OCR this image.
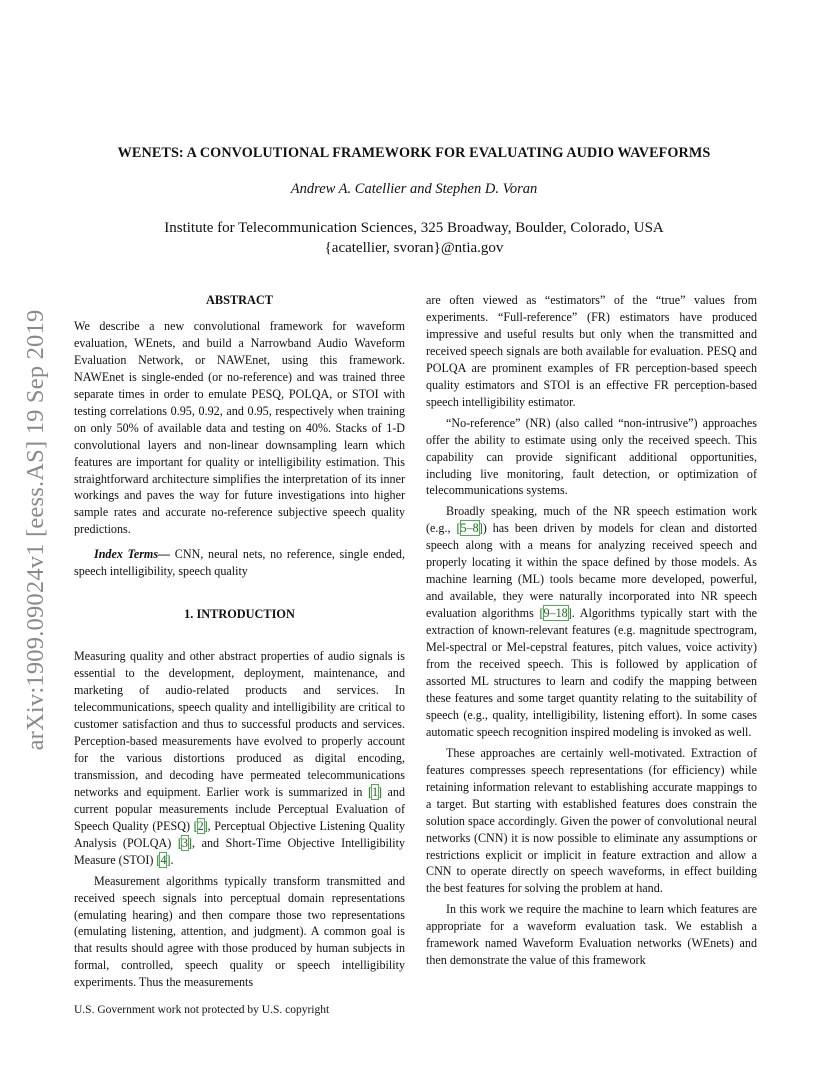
arXiv:1909.09024v1 [eess.AS] 19 Sep 2019
WENETS: A CONVOLUTIONAL FRAMEWORK FOR EVALUATING AUDIO WAVEFORMS
Andrew A. Catellier and Stephen D. Voran
Institute for Telecommunication Sciences, 325 Broadway, Boulder, Colorado, USA
{acatellier, svoran}@ntia.gov
ABSTRACT

We describe a new convolutional framework for waveform evaluation, WEnets, and build a Narrowband Audio Waveform Evaluation Network, or NAWEnet, using this framework. NAWEnet is single-ended (or no-reference) and was trained three separate times in order to emulate PESQ, POLQA, or STOI with testing correlations 0.95, 0.92, and 0.95, respectively when training on only 50% of available data and testing on 40%. Stacks of 1-D convolutional layers and non-linear downsampling learn which features are important for quality or intelligibility estimation. This straightforward architecture simplifies the interpretation of its inner workings and paves the way for future investigations into higher sample rates and accurate no-reference subjective speech quality predictions.

Index Terms— CNN, neural nets, no reference, single ended, speech intelligibility, speech quality

1. INTRODUCTION

Measuring quality and other abstract properties of audio signals is essential to the development, deployment, maintenance, and marketing of audio-related products and services. In telecommunications, speech quality and intelligibility are critical to customer satisfaction and thus to successful products and services. Perception-based measurements have evolved to properly account for the various distortions produced as digital encoding, transmission, and decoding have permeated telecommunications networks and equipment. Earlier work is summarized in [1] and current popular measurements include Perceptual Evaluation of Speech Quality (PESQ) [2], Perceptual Objective Listening Quality Analysis (POLQA) [3], and Short-Time Objective Intelligibility Measure (STOI) [4].

Measurement algorithms typically transform transmitted and received speech signals into perceptual domain representations (emulating hearing) and then compare those two representations (emulating listening, attention, and judgment). A common goal is that results should agree with those produced by human subjects in formal, controlled, speech quality or speech intelligibility experiments. Thus the measurements

are often viewed as “estimators” of the “true” values from experiments. “Full-reference” (FR) estimators have produced impressive and useful results but only when the transmitted and received speech signals are both available for evaluation. PESQ and POLQA are prominent examples of FR perception-based speech quality estimators and STOI is an effective FR perception-based speech intelligibility estimator.

“No-reference” (NR) (also called “non-intrusive”) approaches offer the ability to estimate using only the received speech. This capability can provide significant additional opportunities, including live monitoring, fault detection, or optimization of telecommunications systems.

Broadly speaking, much of the NR speech estimation work (e.g., [5–8]) has been driven by models for clean and distorted speech along with a means for analyzing received speech and properly locating it within the space defined by those models. As machine learning (ML) tools became more developed, powerful, and available, they were naturally incorporated into NR speech evaluation algorithms [9–18]. Algorithms typically start with the extraction of known-relevant features (e.g. magnitude spectrogram, Mel-spectral or Mel-cepstral features, pitch values, voice activity) from the received speech. This is followed by application of assorted ML structures to learn and codify the mapping between these features and some target quantity relating to the suitability of speech (e.g., quality, intelligibility, listening effort). In some cases automatic speech recognition inspired modeling is invoked as well.

These approaches are certainly well-motivated. Extraction of features compresses speech representations (for efficiency) while retaining information relevant to establishing accurate mappings to a target. But starting with established features does constrain the solution space accordingly. Given the power of convolutional neural networks (CNN) it is now possible to eliminate any assumptions or restrictions explicit or implicit in feature extraction and allow a CNN to operate directly on speech waveforms, in effect building the best features for solving the problem at hand.

In this work we require the machine to learn which features are appropriate for a waveform evaluation task. We establish a framework named Waveform Evaluation networks (WEnets) and then demonstrate the value of this framework

U.S. Government work not protected by U.S. copyright
